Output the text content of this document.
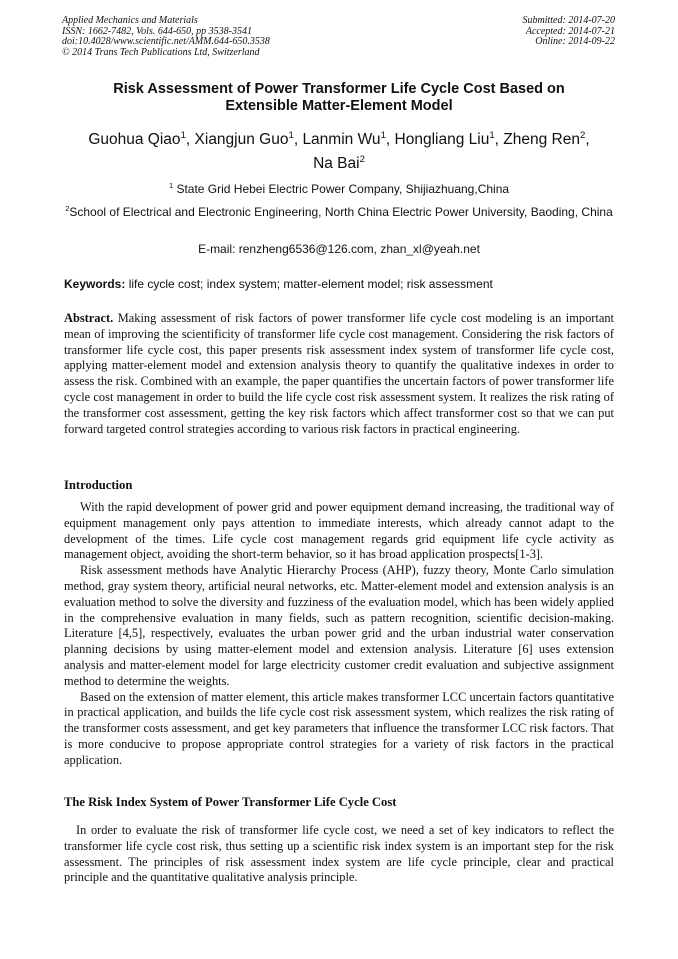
Applied Mechanics and Materials
ISSN: 1662-7482, Vols. 644-650, pp 3538-3541
doi:10.4028/www.scientific.net/AMM.644-650.3538
© 2014 Trans Tech Publications Ltd, Switzerland
Submitted: 2014-07-20
Accepted: 2014-07-21
Online: 2014-09-22
Risk Assessment of Power Transformer Life Cycle Cost Based on
Extensible Matter-Element Model
Guohua Qiao$^1$, Xiangjun Guo$^1$, Lanmin Wu$^1$, Hongliang Liu$^1$, Zheng Ren$^2$,
Na Bai$^2$
$^1$ State Grid Hebei Electric Power Company, Shijiazhuang,China
$^2$School of Electrical and Electronic Engineering, North China Electric Power University, Baoding, China
E-mail: renzheng6536@126.com, zhan_xl@yeah.net
Keywords: life cycle cost; index system; matter-element model; risk assessment
Abstract. Making assessment of risk factors of power transformer life cycle cost modeling is an important mean of improving the scientificity of transformer life cycle cost management. Considering the risk factors of transformer life cycle cost, this paper presents risk assessment index system of transformer life cycle cost, applying matter-element model and extension analysis theory to quantify the qualitative indexes in order to assess the risk. Combined with an example, the paper quantifies the uncertain factors of power transformer life cycle cost management in order to build the life cycle cost risk assessment system. It realizes the risk rating of the transformer cost assessment, getting the key risk factors which affect transformer cost so that we can put forward targeted control strategies according to various risk factors in practical engineering.
Introduction

With the rapid development of power grid and power equipment demand increasing, the traditional way of equipment management only pays attention to immediate interests, which already cannot adapt to the development of the times. Life cycle cost management regards grid equipment life cycle activity as management object, avoiding the short-term behavior, so it has broad application prospects[1-3].

Risk assessment methods have Analytic Hierarchy Process (AHP), fuzzy theory, Monte Carlo simulation method, gray system theory, artificial neural networks, etc. Matter-element model and extension analysis is an evaluation method to solve the diversity and fuzziness of the evaluation model, which has been widely applied in the comprehensive evaluation in many fields, such as pattern recognition, scientific decision-making. Literature [4,5], respectively, evaluates the urban power grid and the urban industrial water conservation planning decisions by using matter-element model and extension analysis. Literature [6] uses extension analysis and matter-element model for large electricity customer credit evaluation and subjective assignment method to determine the weights.

Based on the extension of matter element, this article makes transformer LCC uncertain factors quantitative in practical application, and builds the life cycle cost risk assessment system, which realizes the risk rating of the transformer costs assessment, and get key parameters that influence the transformer LCC risk factors. That is more conducive to propose appropriate control strategies for a variety of risk factors in the practical application.

The Risk Index System of Power Transformer Life Cycle Cost

In order to evaluate the risk of transformer life cycle cost, we need a set of key indicators to reflect the transformer life cycle cost risk, thus setting up a scientific risk index system is an important step for the risk assessment. The principles of risk assessment index system are life cycle principle, clear and practical principle and the quantitative qualitative analysis principle.
